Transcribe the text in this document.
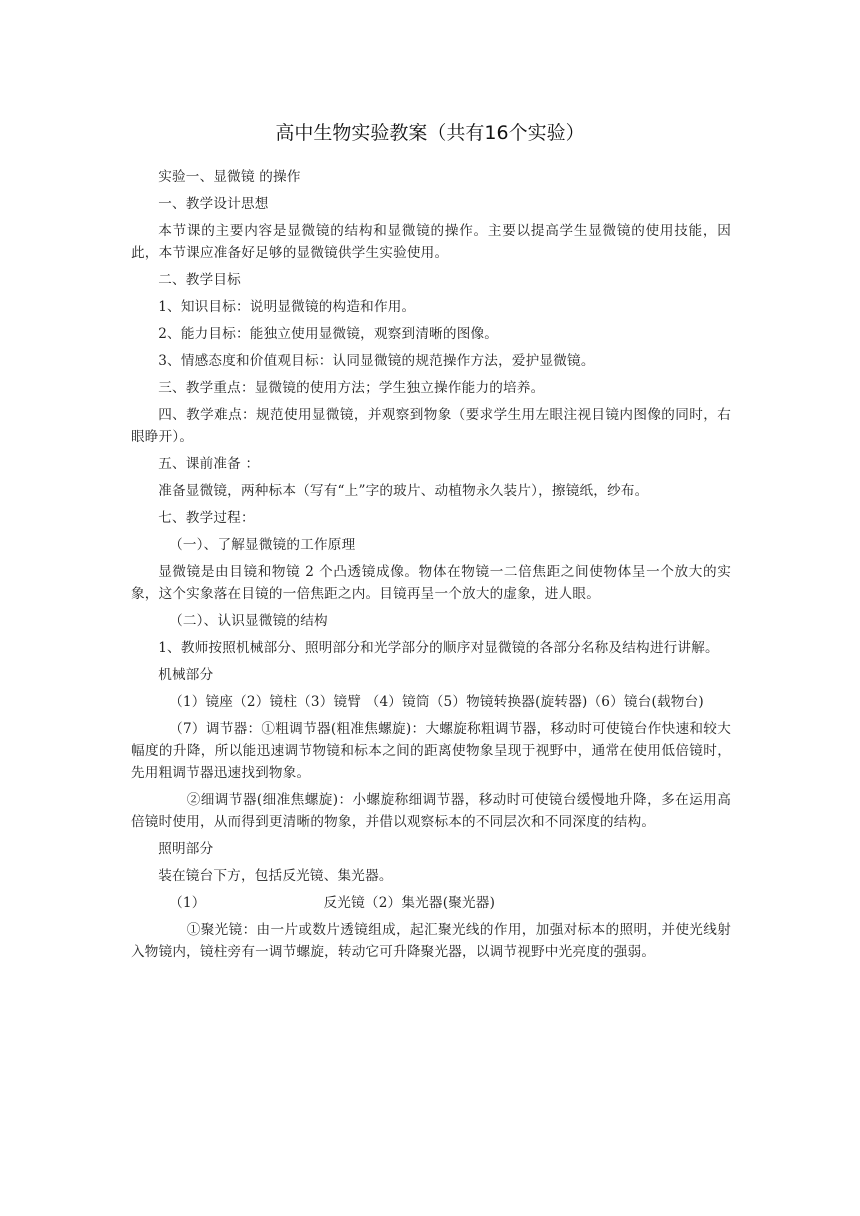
高中生物实验教案（共有16个实验）

实验一、显微镜 的操作

一、教学设计思想

本节课的主要内容是显微镜的结构和显微镜的操作。主要以提高学生显微镜的使用技能，因此，本节课应准备好足够的显微镜供学生实验使用。

二、教学目标

1、知识目标：说明显微镜的构造和作用。

2、能力目标：能独立使用显微镜，观察到清晰的图像。

3、情感态度和价值观目标：认同显微镜的规范操作方法，爱护显微镜。

三、教学重点：显微镜的使用方法；学生独立操作能力的培养。

四、教学难点：规范使用显微镜，并观察到物象（要求学生用左眼注视目镜内图像的同时，右眼睁开）。

五、课前准备 ：

准备显微镜，两种标本（写有“上”字的玻片、动植物永久装片），擦镜纸，纱布。

七、教学过程：

（一）、了解显微镜的工作原理

显微镜是由目镜和物镜 2 个凸透镜成像。物体在物镜一二倍焦距之间使物体呈一个放大的实象，这个实象落在目镜的一倍焦距之内。目镜再呈一个放大的虚象，进人眼。

（二）、认识显微镜的结构

1、教师按照机械部分、照明部分和光学部分的顺序对显微镜的各部分名称及结构进行讲解。

机械部分

（1）镜座（2）镜柱（3）镜臂 （4）镜筒（5）物镜转换器(旋转器)（6）镜台(载物台)

（7）调节器：①粗调节器(粗准焦螺旋)：大螺旋称粗调节器，移动时可使镜台作快速和较大幅度的升降，所以能迅速调节物镜和标本之间的距离使物象呈现于视野中，通常在使用低倍镜时，先用粗调节器迅速找到物象。

②细调节器(细准焦螺旋)：小螺旋称细调节器，移动时可使镜台缓慢地升降，多在运用高倍镜时使用，从而得到更清晰的物象，并借以观察标本的不同层次和不同深度的结构。

照明部分

装在镜台下方，包括反光镜、集光器。

（1）	反光镜（2）集光器(聚光器)

①聚光镜：由一片或数片透镜组成，起汇聚光线的作用，加强对标本的照明，并使光线射入物镜内，镜柱旁有一调节螺旋，转动它可升降聚光器，以调节视野中光亮度的强弱。
